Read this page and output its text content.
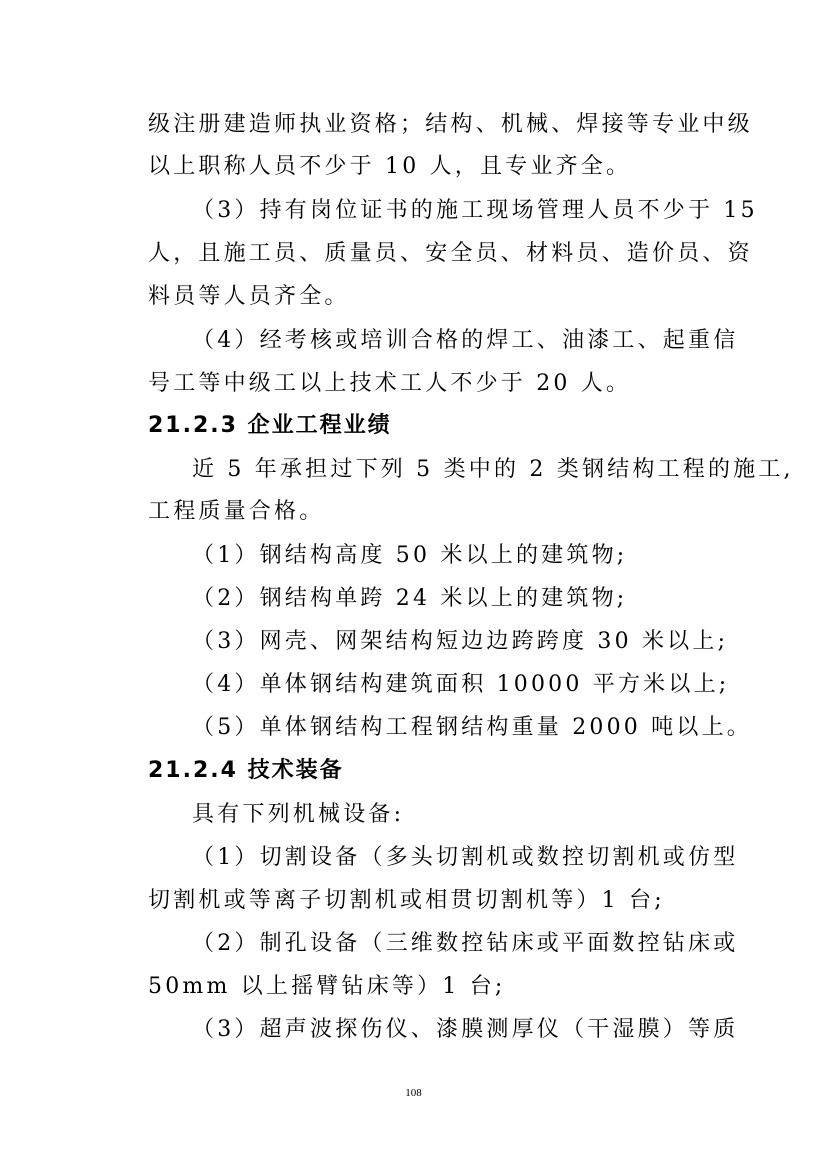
级注册建造师执业资格；结构、机械、焊接等专业中级
以上职称人员不少于 10 人，且专业齐全。
（3）持有岗位证书的施工现场管理人员不少于 15
人，且施工员、质量员、安全员、材料员、造价员、资
料员等人员齐全。
（4）经考核或培训合格的焊工、油漆工、起重信
号工等中级工以上技术工人不少于 20 人。
21.2.3 企业工程业绩
近 5 年承担过下列 5 类中的 2 类钢结构工程的施工,
工程质量合格。
（1）钢结构高度 50 米以上的建筑物;
（2）钢结构单跨 24 米以上的建筑物;
（3）网壳、网架结构短边边跨跨度 30 米以上;
（4）单体钢结构建筑面积 10000 平方米以上;
（5）单体钢结构工程钢结构重量 2000 吨以上。
21.2.4 技术装备
具有下列机械设备:
（1）切割设备（多头切割机或数控切割机或仿型
切割机或等离子切割机或相贯切割机等）1 台;
（2）制孔设备（三维数控钻床或平面数控钻床或
50mm 以上摇臂钻床等）1 台;
（3）超声波探伤仪、漆膜测厚仪（干湿膜）等质
108
